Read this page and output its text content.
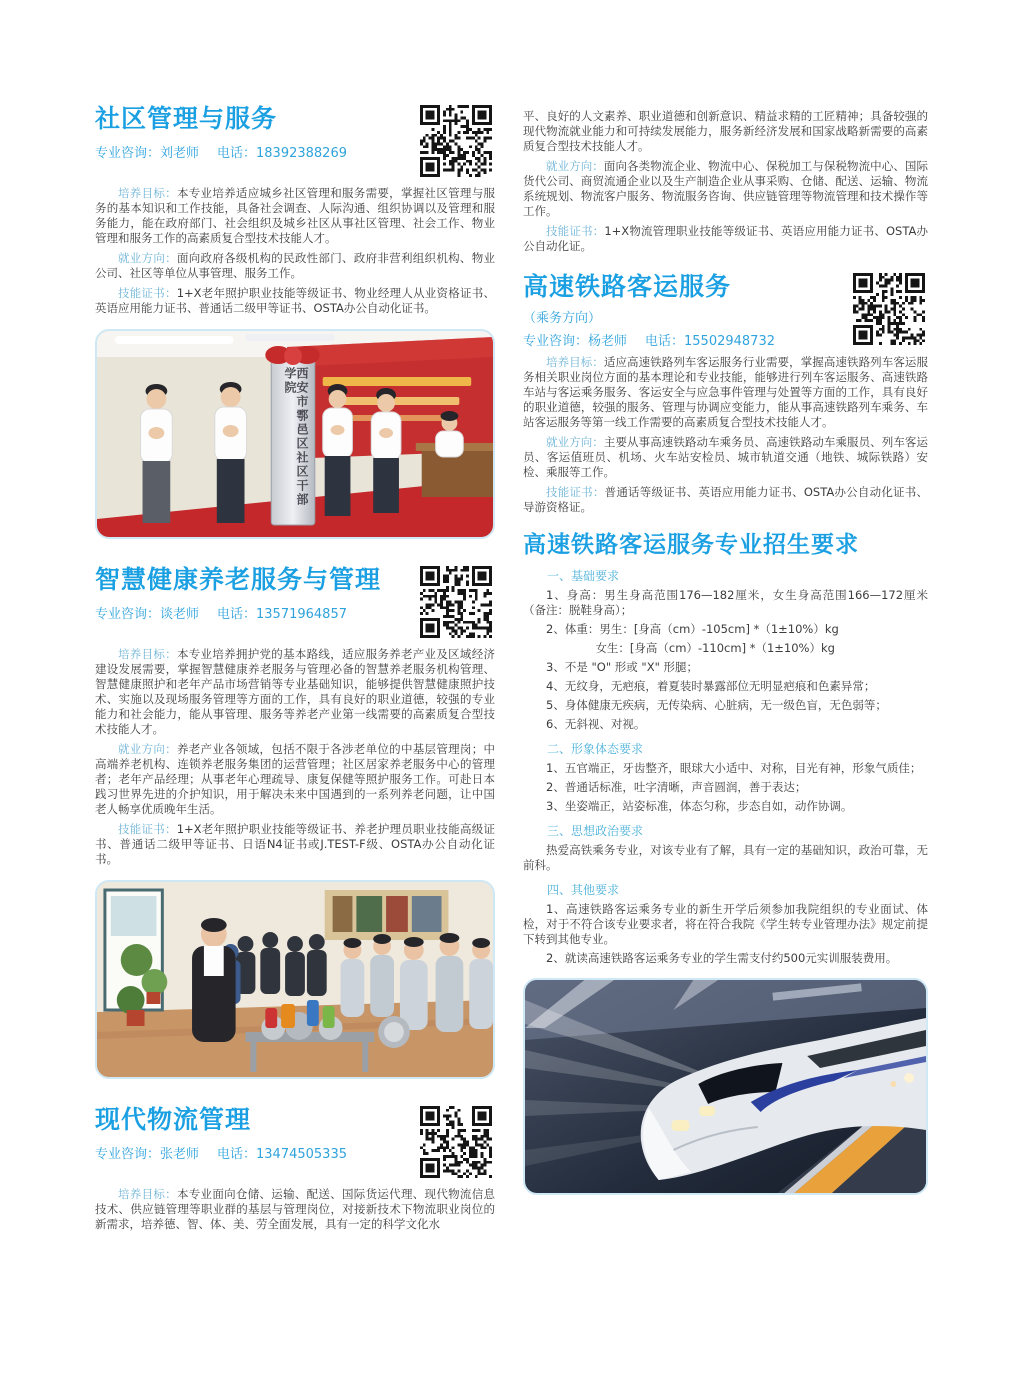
社区管理与服务
专业咨询：刘老师 电话：18392388269

培养目标：本专业培养适应城乡社区管理和服务需要，掌握社区管理与服务的基本知识和工作技能，具备社会调查、人际沟通、组织协调以及管理和服务能力，能在政府部门、社会组织及城乡社区从事社区管理、社会工作、物业管理和服务工作的高素质复合型技术技能人才。

就业方向：面向政府各级机构的民政性部门、政府非营利组织机构、物业公司、社区等单位从事管理、服务工作。

技能证书：1+X老年照护职业技能等级证书、物业经理人从业资格证书、英语应用能力证书、普通话二级甲等证书、OSTA办公自动化证书。

西安市鄠邑区社区干部学院
智慧健康养老服务与管理
专业咨询：谈老师 电话：13571964857

培养目标：本专业培养拥护党的基本路线，适应服务养老产业及区域经济建设发展需要，掌握智慧健康养老服务与管理必备的智慧养老服务机构管理、智慧健康照护和老年产品市场营销等专业基础知识，能够提供智慧健康照护技术、实施以及现场服务管理等方面的工作，具有良好的职业道德，较强的专业能力和社会能力，能从事管理、服务等养老产业第一线需要的高素质复合型技术技能人才。

就业方向：养老产业各领域，包括不限于各涉老单位的中基层管理岗；中高端养老机构、连锁养老服务集团的运营管理；社区居家养老服务中心的管理者；老年产品经理；从事老年心理疏导、康复保健等照护服务工作。可赴日本践习世界先进的介护知识，用于解决未来中国遇到的一系列养老问题，让中国老人畅享优质晚年生活。

技能证书：1+X老年照护职业技能等级证书、养老护理员职业技能高级证书、普通话二级甲等证书、日语N4证书或J.TEST-F级、OSTA办公自动化证书。

现代物流管理
专业咨询：张老师 电话：13474505335

培养目标：本专业面向仓储、运输、配送、国际货运代理、现代物流信息技术、供应链管理等职业群的基层与管理岗位，对接新技术下物流职业岗位的新需求，培养德、智、体、美、劳全面发展，具有一定的科学文化水

平、良好的人文素养、职业道德和创新意识、精益求精的工匠精神；具备较强的现代物流就业能力和可持续发展能力，服务新经济发展和国家战略新需要的高素质复合型技术技能人才。

就业方向：面向各类物流企业、物流中心、保税加工与保税物流中心、国际货代公司、商贸流通企业以及生产制造企业从事采购、仓储、配送、运输、物流系统规划、物流客户服务、物流服务咨询、供应链管理等物流管理和技术操作等工作。

技能证书：1+X物流管理职业技能等级证书、英语应用能力证书、OSTA办公自动化证。

高速铁路客运服务
（乘务方向）
专业咨询：杨老师 电话：15502948732

培养目标：适应高速铁路列车客运服务行业需要，掌握高速铁路列车客运服务相关职业岗位方面的基本理论和专业技能，能够进行列车客运服务、高速铁路车站与客运乘务服务、客运安全与应急事件管理与处置等方面的工作，具有良好的职业道德，较强的服务、管理与协调应变能力，能从事高速铁路列车乘务、车站客运服务等第一线工作需要的高素质复合型技术技能人才。

就业方向：主要从事高速铁路动车乘务员、高速铁路动车乘服员、列车客运员、客运值班员、机场、火车站安检员、城市轨道交通（地铁、城际铁路）安检、乘服等工作。

技能证书：普通话等级证书、英语应用能力证书、OSTA办公自动化证书、导游资格证。

高速铁路客运服务专业招生要求
一、基础要求

1、身高：男生身高范围176—182厘米，女生身高范围166—172厘米（备注：脱鞋身高）；

2、体重：男生：[身高（cm）-105cm] *（1±10%）kg

女生：[身高（cm）-110cm] *（1±10%）kg

3、不是 "O" 形或 "X" 形腿；

4、无纹身，无疤痕，着夏装时暴露部位无明显疤痕和色素异常；

5、身体健康无疾病，无传染病、心脏病，无一级色盲，无色弱等；

6、无斜视、对视。

二、形象体态要求

1、五官端正，牙齿整齐，眼球大小适中、对称，目光有神，形象气质佳；

2、普通话标准，吐字清晰，声音圆润，善于表达；

3、坐姿端正，站姿标准，体态匀称，步态自如，动作协调。

三、思想政治要求

热爱高铁乘务专业，对该专业有了解，具有一定的基础知识，政治可靠，无前科。

四、其他要求

1、高速铁路客运乘务专业的新生开学后须参加我院组织的专业面试、体检，对于不符合该专业要求者，将在符合我院《学生转专业管理办法》规定前提下转到其他专业。

2、就读高速铁路客运乘务专业的学生需支付约500元实训服装费用。
